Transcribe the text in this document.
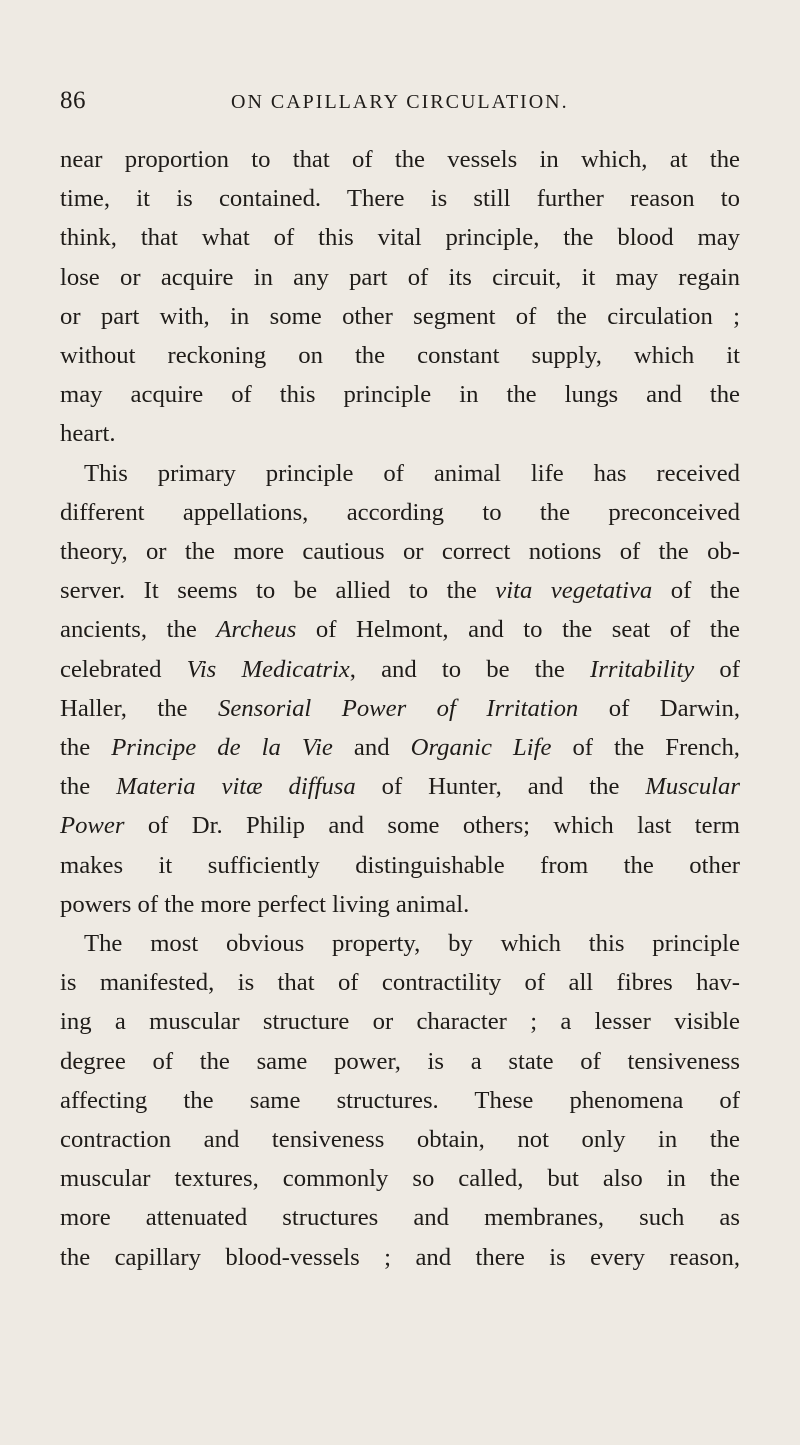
86	ON CAPILLARY CIRCULATION.

near proportion to that of the vessels in which, at the
time, it is contained. There is still further reason to
think, that what of this vital principle, the blood may
lose or acquire in any part of its circuit, it may regain
or part with, in some other segment of the circulation ;
without reckoning on the constant supply, which it
may acquire of this principle in the lungs and the
heart.

This primary principle of animal life has received
different appellations, according to the preconceived
theory, or the more cautious or correct notions of the ob-
server. It seems to be allied to the vita vegetativa of the
ancients, the Archeus of Helmont, and to the seat of the
celebrated Vis Medicatrix, and to be the Irritability of
Haller, the Sensorial Power of Irritation of Darwin,
the Principe de la Vie and Organic Life of the French,
the Materia vitæ diffusa of Hunter, and the Muscular
Power of Dr. Philip and some others; which last term
makes it sufficiently distinguishable from the other
powers of the more perfect living animal.

The most obvious property, by which this principle
is manifested, is that of contractility of all fibres hav-
ing a muscular structure or character ; a lesser visible
degree of the same power, is a state of tensiveness
affecting the same structures. These phenomena of
contraction and tensiveness obtain, not only in the
muscular textures, commonly so called, but also in the
more attenuated structures and membranes, such as
the capillary blood-vessels ; and there is every reason,
